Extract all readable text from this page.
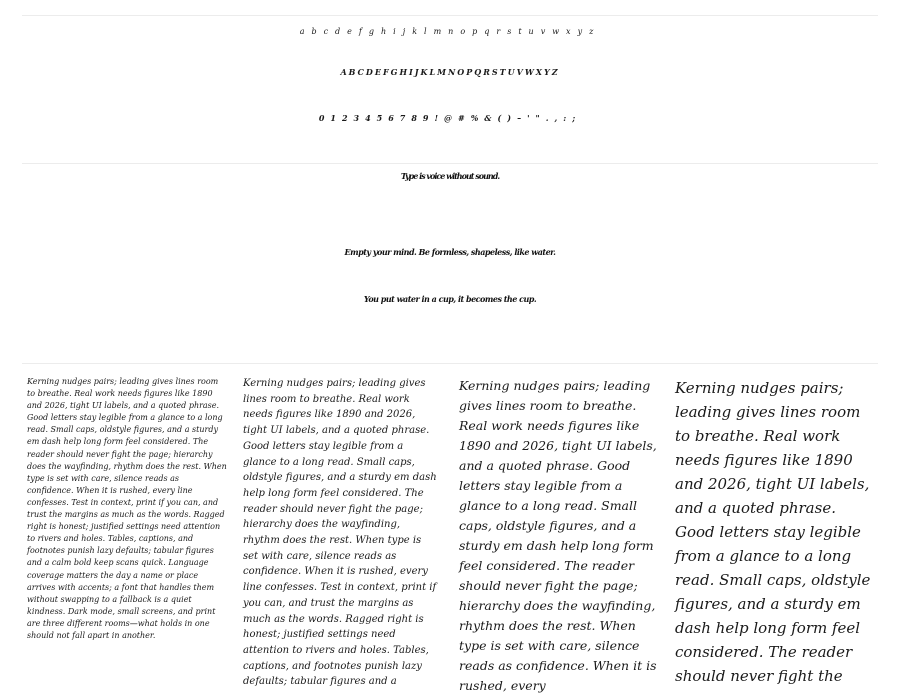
abcdefghijklmnopqrstuvwxyz
ABCDEFGHIJKLMNOPQRSTUVWXYZ
0123456789!@#%&()–'".,:;
Type is voice without sound.
Empty your mind. Be formless, shapeless, like water.
You put water in a cup, it becomes the cup.
Kerning nudges pairs; leading gives lines room to breathe. Real work needs figures like 1890 and 2026, tight UI labels, and a quoted phrase. Good letters stay legible from a glance to a long read. Small caps, oldstyle figures, and a sturdy em dash help long form feel considered. The reader should never fight the page; hierarchy does the wayfinding, rhythm does the rest. When type is set with care, silence reads as confidence. When it is rushed, every line confesses. Test in context, print if you can, and trust the margins as much as the words. Ragged right is honest; justified settings need attention to rivers and holes. Tables, captions, and footnotes punish lazy defaults; tabular figures and a calm bold keep scans quick. Language coverage matters the day a name or place arrives with accents; a font that handles them without swapping to a fallback is a quiet kindness. Dark mode, small screens, and print are three different rooms—what holds in one should not fall apart in another.
Kerning nudges pairs; leading gives lines room to breathe. Real work needs figures like 1890 and 2026, tight UI labels, and a quoted phrase. Good letters stay legible from a glance to a long read. Small caps, oldstyle figures, and a sturdy em dash help long form feel considered. The reader should never fight the page; hierarchy does the wayfinding, rhythm does the rest. When type is set with care, silence reads as confidence. When it is rushed, every line confesses. Test in context, print if you can, and trust the margins as much as the words. Ragged right is honest; justified settings need attention to rivers and holes. Tables, captions, and footnotes punish lazy defaults; tabular figures and a
Kerning nudges pairs; leading gives lines room to breathe. Real work needs figures like 1890 and 2026, tight UI labels, and a quoted phrase. Good letters stay legible from a glance to a long read. Small caps, oldstyle figures, and a sturdy em dash help long form feel considered. The reader should never fight the page; hierarchy does the wayfinding, rhythm does the rest. When type is set with care, silence reads as confidence. When it is rushed, every
Kerning nudges pairs; leading gives lines room to breathe. Real work needs figures like 1890 and 2026, tight UI labels, and a quoted phrase. Good letters stay legible from a glance to a long read. Small caps, oldstyle figures, and a sturdy em dash help long form feel considered. The reader should never fight the
